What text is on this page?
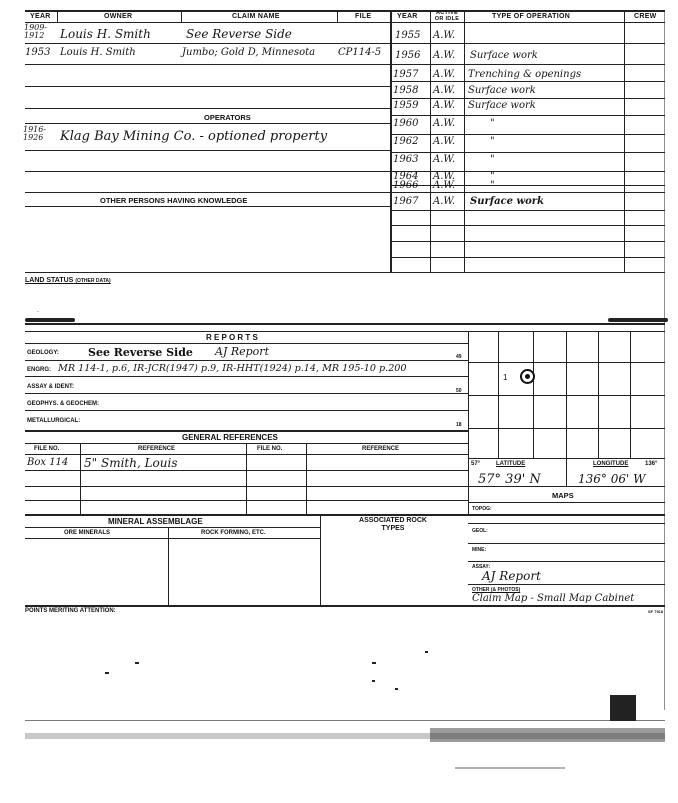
YEAR	OWNER	CLAIM NAME	FILE
1909-1912	Louis H. Smith	See Reverse Side
1953 Louis H. Smith	Jumbo; Gold D, Minnesota CP114-5
OPERATORS
1916-1926	Klag Bay Mining Co. - optioned property
OTHER PERSONS HAVING KNOWLEDGE
YEAR	ACTIVE OR IDLE	TYPE OF OPERATION	CREW
1955 A.W.
1956 A.W. Surface work
1957 A.W. Trenching & openings
1958 A.W. Surface work
1959 A.W. Surface work
1960 A.W.	"
1962 A.W.	"
1963 A.W.	"
1964 A.W.	"
1966 A.W.	"
1967 A.W. Surface work
LAND STATUS (OTHER DATA)
.
R E P O R T S
GEOLOGY:	See Reverse Side AJ Report	49
ENGRG: MR 114-1, p.6, IR-JCR(1947) p.9, IR-HHT(1924) p.14, MR 195-10 p.200
ASSAY & IDENT:
50
GEOPHYS. & GEOCHEM:
METALLURGICAL:
18
GENERAL REFERENCES
FILE NO.	REFERENCE	FILE NO.	REFERENCE
Box 114 5" Smith, Louis
1
57°	LATITUDE	LONGITUDE	136°
57° 39' N	136° 06' W
MAPS
TOPOG:
GEOL:
MINE:
ASSAY:
AJ Report
OTHER (& PHOTOS)
Claim Map - Small Map Cabinet
MINERAL ASSEMBLAGE	ASSOCIATED ROCK TYPES
ORE MINERALS	ROCK FORMING, ETC.
POINTS MERITING ATTENTION:	SF 7918
